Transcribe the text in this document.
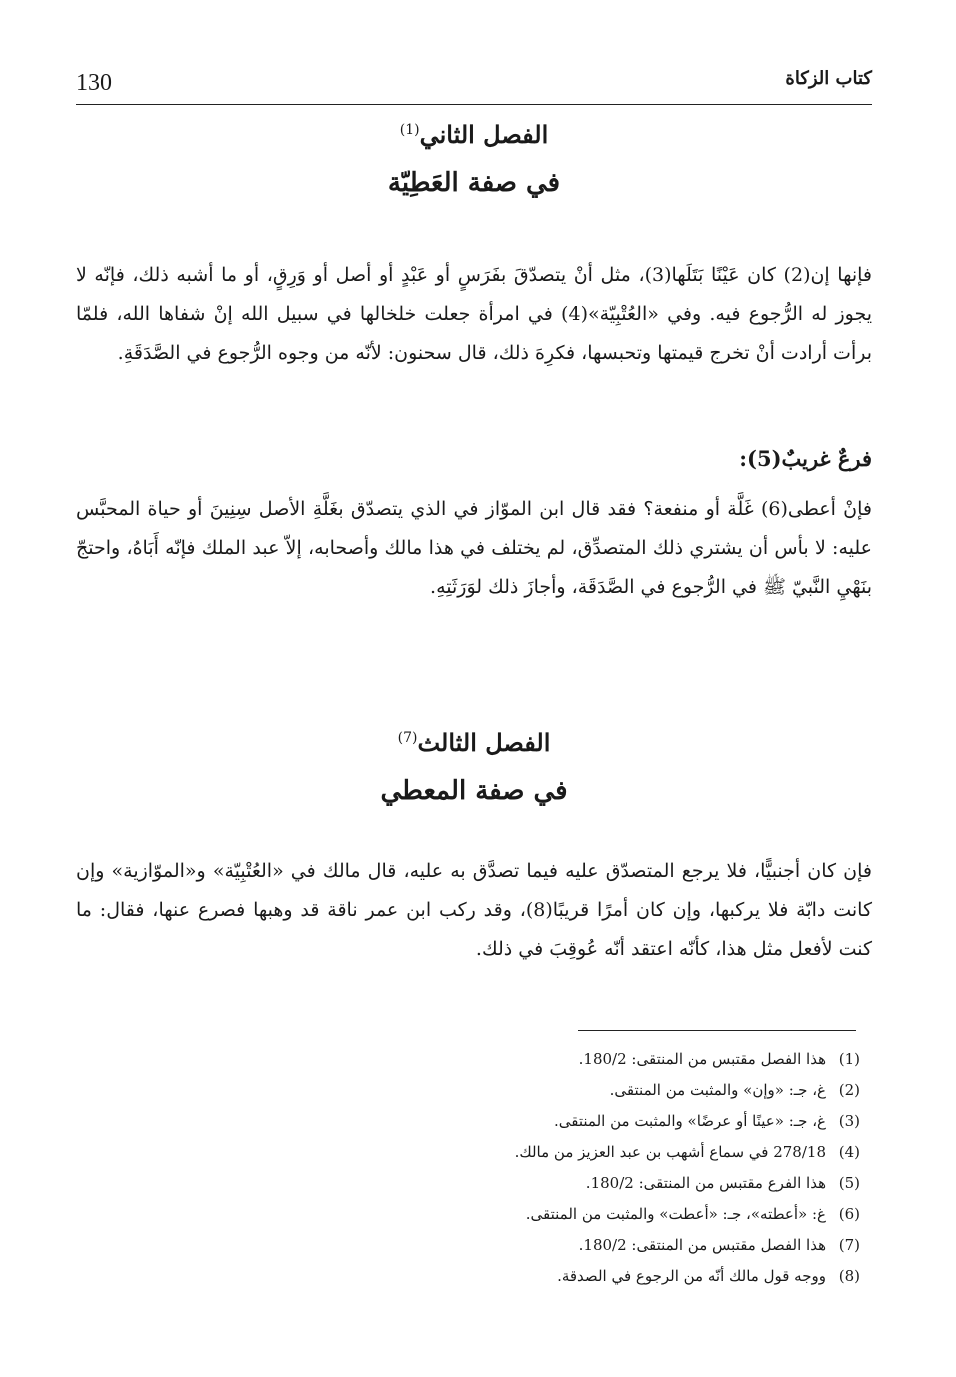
130	كتاب الزكاة
الفصل الثاني$^{(1)}$
في صفة العَطِيّة
فإنها إن(2) كان عَيْنًا بَتَلَها(3)، مثل أنْ يتصدّقَ بفَرَسٍ أو عَبْدٍ أو أصل أو وَرِقٍ، أو ما أشبه ذلك، فإنّه لا يجوز له الرُّجوع فيه. وفي «العُتْبِيّة»(4) في امرأة جعلت خلخالها في سبيل الله إنْ شفاها الله، فلمّا برأت أرادت أنْ تخرج قيمتها وتحبسها، فكرِهَ ذلك، قال سحنون: لأنّه من وجوه الرُّجوع في الصَّدَقَةِ.
فرعٌ غريبٌ(5):
فإنْ أعطى(6) غَلَّة أو منفعة؟ فقد قال ابن الموّاز في الذي يتصدّق بغَلَّةِ الأصل سِنِينَ أو حياة المحبَّس عليه: لا بأس أن يشتري ذلك المتصدِّق، لم يختلف في هذا مالك وأصحابه، إلاّ عبد الملك فإنّه أَبَاهُ، واحتجّ بنَهْيِ النَّبيّ ﷺ في الرُّجوع في الصَّدَقَة، وأجازَ ذلك لوَرَثَتِهِ.
الفصل الثالث$^{(7)}$
في صفة المعطي
فإن كان أجنبيًّا، فلا يرجع المتصدّق عليه فيما تصدَّق به عليه، قال مالك في «العُتْبِيّة» و«الموّازية» وإن كانت دابّة فلا يركبها، وإن كان أمرًا قريبًا(8)، وقد ركب ابن عمر ناقة قد وهبها فصرع عنها، فقال: ما كنت لأفعل مثل هذا، كأنّه اعتقد أنّه عُوقِبَ في ذلك.
(1)هذا الفصل مقتبس من المنتقى: 180/2.
(2)غ، جـ: «وإن» والمثبت من المنتقى.
(3)غ، جـ: «عينًا أو عرضًا» والمثبت من المنتقى.
(4)278/18 في سماع أشهب بن عبد العزيز من مالك.
(5)هذا الفرع مقتبس من المنتقى: 180/2.
(6)غ: «أعطته»، جـ: «أعطت» والمثبت من المنتقى.
(7)هذا الفصل مقتبس من المنتقى: 180/2.
(8)ووجه قول مالك أنّه من الرجوع في الصدقة.
